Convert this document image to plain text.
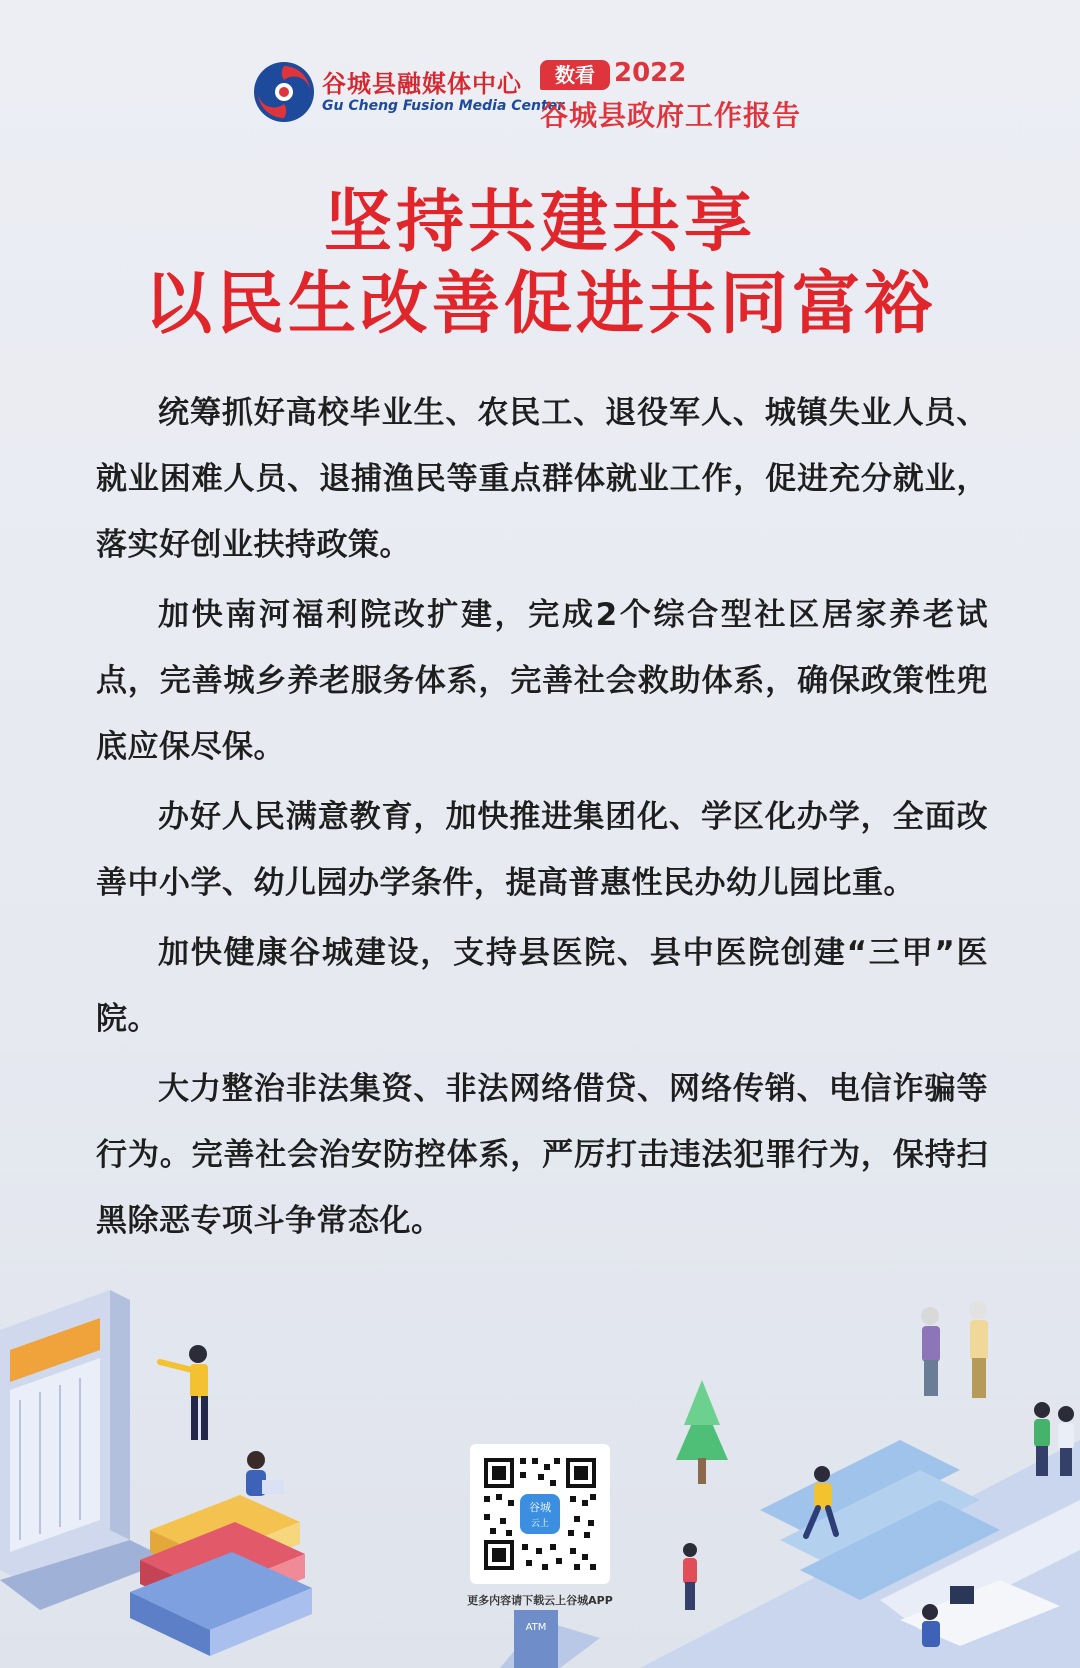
谷城县融媒体中心
Gu Cheng Fusion Media Center
数看 2022
谷城县政府工作报告
坚持共建共享
以民生改善促进共同富裕

统筹抓好高校毕业生、农民工、退役军人、城镇失业人员、就业困难人员、退捕渔民等重点群体就业工作，促进充分就业，落实好创业扶持政策。

加快南河福利院改扩建，完成2个综合型社区居家养老试点，完善城乡养老服务体系，完善社会救助体系，确保政策性兜底应保尽保。

办好人民满意教育，加快推进集团化、学区化办学，全面改善中小学、幼儿园办学条件，提高普惠性民办幼儿园比重。

加快健康谷城建设，支持县医院、县中医院创建“三甲”医院。

大力整治非法集资、非法网络借贷、网络传销、电信诈骗等行为。完善社会治安防控体系，严厉打击违法犯罪行为，保持扫黑除恶专项斗争常态化。

ATM
谷城
云上
更多内容请下载云上谷城APP
